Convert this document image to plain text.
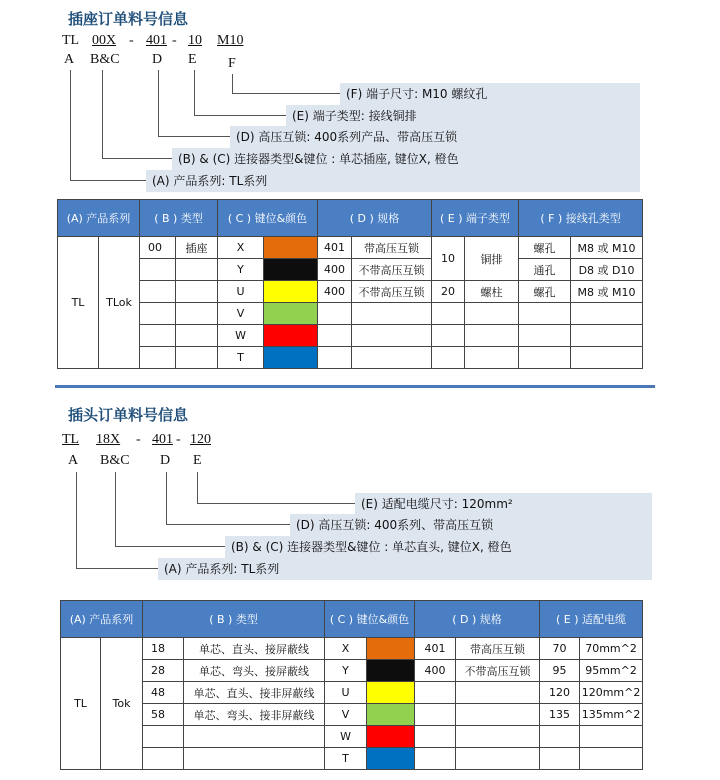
插座订单料号信息
TL 00X - 401 - 10 M10
A B&C D E F
(F) 端子尺寸: M10 螺纹孔
(E) 端子类型: 接线铜排
(D) 高压互锁: 400系列产品、带高压互锁
(B) & (C) 连接器类型&键位 : 单芯插座, 键位X, 橙色
(A) 产品系列: TL系列
(A) 产品系列		( B ) 类型		( C ) 键位&颜色		( D ) 规格		( E ) 端子类型		( F ) 接线孔类型	
TL	TLok	00	插座	X		401	带高压互锁	10	铜排	螺孔	M8 或 M10
				Y		400	不带高压互锁			通孔	D8 或 D10
				U		400	不带高压互锁	20	螺柱	螺孔	M8 或 M10
				V							
				W							
				T							
插头订单料号信息
TL 18X - 401 - 120
A B&C D E
(E) 适配电缆尺寸: 120mm²
(D) 高压互锁: 400系列、带高压互锁
(B) & (C) 连接器类型&键位 : 单芯直头, 键位X, 橙色
(A) 产品系列: TL系列
(A) 产品系列		( B ) 类型		( C ) 键位&颜色		( D ) 规格		( E ) 适配电缆	
TL	Tok	18	单芯、直头、接屏蔽线	X		401	带高压互锁	70	70mm^2
		28	单芯、弯头、接屏蔽线	Y		400	不带高压互锁	95	95mm^2
		48	单芯、直头、接非屏蔽线	U				120	120mm^2
		58	单芯、弯头、接非屏蔽线	V				135	135mm^2
				W					
				T					
